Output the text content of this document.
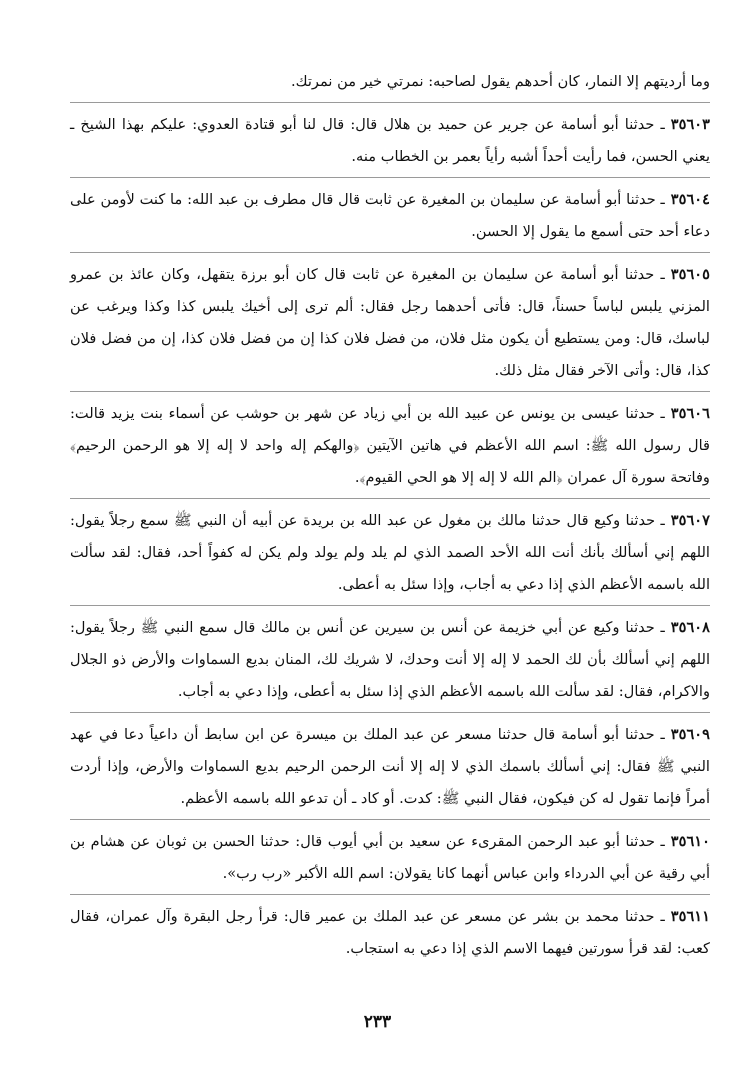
وما أرديتهم إلا النمار، كان أحدهم يقول لصاحبه: نمرتي خير من نمرتك.

٣٥٦٠٣ـ حدثنا أبو أسامة عن جرير عن حميد بن هلال قال: قال لنا أبو قتادة العدوي: عليكم بهذا الشيخ ـ يعني الحسن، فما رأيت أحداً أشبه رأياً بعمر بن الخطاب منه.

٣٥٦٠٤ـ حدثنا أبو أسامة عن سليمان بن المغيرة عن ثابت قال قال مطرف بن عبد الله: ما كنت لأومن على دعاء أحد حتى أسمع ما يقول إلا الحسن.

٣٥٦٠٥ـ حدثنا أبو أسامة عن سليمان بن المغيرة عن ثابت قال كان أبو برزة يتقهل، وكان عائذ بن عمرو المزني يلبس لباساً حسناً، قال: فأتى أحدهما رجل فقال: ألم ترى إلى أخيك يلبس كذا وكذا ويرغب عن لباسك، قال: ومن يستطيع أن يكون مثل فلان، من فضل فلان كذا إن من فضل فلان كذا، إن من فضل فلان كذا، قال: وأتى الآخر فقال مثل ذلك.

٣٥٦٠٦ـ حدثنا عيسى بن يونس عن عبيد الله بن أبي زياد عن شهر بن حوشب عن أسماء بنت يزيد قالت: قال رسول الله ﷺ: اسم الله الأعظم في هاتين الآيتين ﴿والهكم إله واحد لا إله إلا هو الرحمن الرحيم﴾ وفاتحة سورة آل عمران ﴿الم الله لا إله إلا هو الحي القيوم﴾.

٣٥٦٠٧ـ حدثنا وكيع قال حدثنا مالك بن مغول عن عبد الله بن بريدة عن أبيه أن النبي ﷺ سمع رجلاً يقول: اللهم إني أسألك بأنك أنت الله الأحد الصمد الذي لم يلد ولم يولد ولم يكن له كفواً أحد، فقال: لقد سألت الله باسمه الأعظم الذي إذا دعي به أجاب، وإذا سئل به أعطى.

٣٥٦٠٨ـ حدثنا وكيع عن أبي خزيمة عن أنس بن سيرين عن أنس بن مالك قال سمع النبي ﷺ رجلاً يقول: اللهم إني أسألك بأن لك الحمد لا إله إلا أنت وحدك، لا شريك لك، المنان بديع السماوات والأرض ذو الجلال والاكرام، فقال: لقد سألت الله باسمه الأعظم الذي إذا سئل به أعطى، وإذا دعي به أجاب.

٣٥٦٠٩ـ حدثنا أبو أسامة قال حدثنا مسعر عن عبد الملك بن ميسرة عن ابن سابط أن داعياً دعا في عهد النبي ﷺ فقال: إني أسألك باسمك الذي لا إله إلا أنت الرحمن الرحيم بديع السماوات والأرض، وإذا أردت أمراً فإنما تقول له كن فيكون، فقال النبي ﷺ: كدت. أو كاد ـ أن تدعو الله باسمه الأعظم.

٣٥٦١٠ـ حدثنا أبو عبد الرحمن المقرىء عن سعيد بن أبي أيوب قال: حدثنا الحسن بن ثوبان عن هشام بن أبي رقية عن أبي الدرداء وابن عباس أنهما كانا يقولان: اسم الله الأكبر «رب رب».

٣٥٦١١ـ حدثنا محمد بن بشر عن مسعر عن عبد الملك بن عمير قال: قرأ رجل البقرة وآل عمران، فقال كعب: لقد قرأ سورتين فيهما الاسم الذي إذا دعي به استجاب.

٢٣٣
